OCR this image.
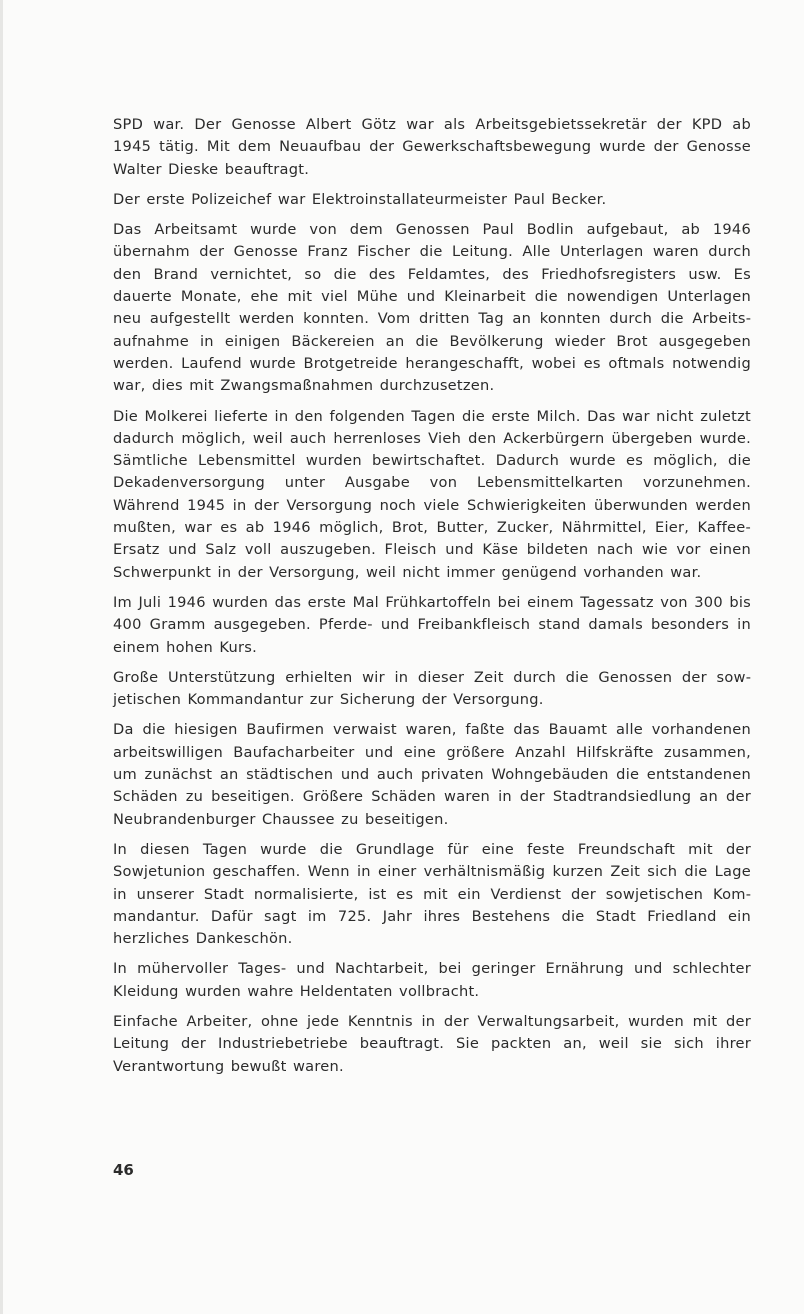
SPD war. Der Genosse Albert Götz war als Arbeitsgebietssekretär der KPD ab 1945 tätig. Mit dem Neuaufbau der Gewerkschaftsbewegung wurde der Genosse Walter Dieske beauftragt.

Der erste Polizeichef war Elektroinstallateurmeister Paul Becker.

Das Arbeitsamt wurde von dem Genossen Paul Bodlin aufgebaut, ab 1946 übernahm der Genosse Franz Fischer die Leitung. Alle Unterlagen waren durch den Brand vernichtet, so die des Feldamtes, des Friedhofsregisters usw. Es dauerte Monate, ehe mit viel Mühe und Kleinarbeit die nowendigen Unterlagen neu aufgestellt werden konnten. Vom dritten Tag an konnten durch die Arbeitsaufnahme in einigen Bäckereien an die Bevölkerung wieder Brot ausgegeben werden. Laufend wurde Brotgetreide herangeschafft, wobei es oftmals notwendig war, dies mit Zwangsmaßnahmen durchzusetzen.

Die Molkerei lieferte in den folgenden Tagen die erste Milch. Das war nicht zuletzt dadurch möglich, weil auch herrenloses Vieh den Ackerbürgern übergeben wurde. Sämtliche Lebensmittel wurden bewirtschaftet. Dadurch wurde es möglich, die Dekadenversorgung unter Ausgabe von Lebensmittelkarten vorzunehmen. Während 1945 in der Versorgung noch viele Schwierigkeiten überwunden werden mußten, war es ab 1946 möglich, Brot, Butter, Zucker, Nährmittel, Eier, Kaffee-Ersatz und Salz voll auszugeben. Fleisch und Käse bildeten nach wie vor einen Schwerpunkt in der Versorgung, weil nicht immer genügend vorhanden war.

Im Juli 1946 wurden das erste Mal Frühkartoffeln bei einem Tagessatz von 300 bis 400 Gramm ausgegeben. Pferde- und Freibankfleisch stand damals besonders in einem hohen Kurs.

Große Unterstützung erhielten wir in dieser Zeit durch die Genossen der sowjetischen Kommandantur zur Sicherung der Versorgung.

Da die hiesigen Baufirmen verwaist waren, faßte das Bauamt alle vorhandenen arbeitswilligen Baufacharbeiter und eine größere Anzahl Hilfskräfte zusammen, um zunächst an städtischen und auch privaten Wohngebäuden die entstandenen Schäden zu beseitigen. Größere Schäden waren in der Stadtrandsiedlung an der Neubrandenburger Chaussee zu beseitigen.

In diesen Tagen wurde die Grundlage für eine feste Freundschaft mit der Sowjetunion geschaffen. Wenn in einer verhältnismäßig kurzen Zeit sich die Lage in unserer Stadt normalisierte, ist es mit ein Verdienst der sowjetischen Kommandantur. Dafür sagt im 725. Jahr ihres Bestehens die Stadt Friedland ein herzliches Dankeschön.

In mühervoller Tages- und Nachtarbeit, bei geringer Ernährung und schlechter Kleidung wurden wahre Heldentaten vollbracht.

Einfache Arbeiter, ohne jede Kenntnis in der Verwaltungsarbeit, wurden mit der Leitung der Industriebetriebe beauftragt. Sie packten an, weil sie sich ihrer Verantwortung bewußt waren.

46
